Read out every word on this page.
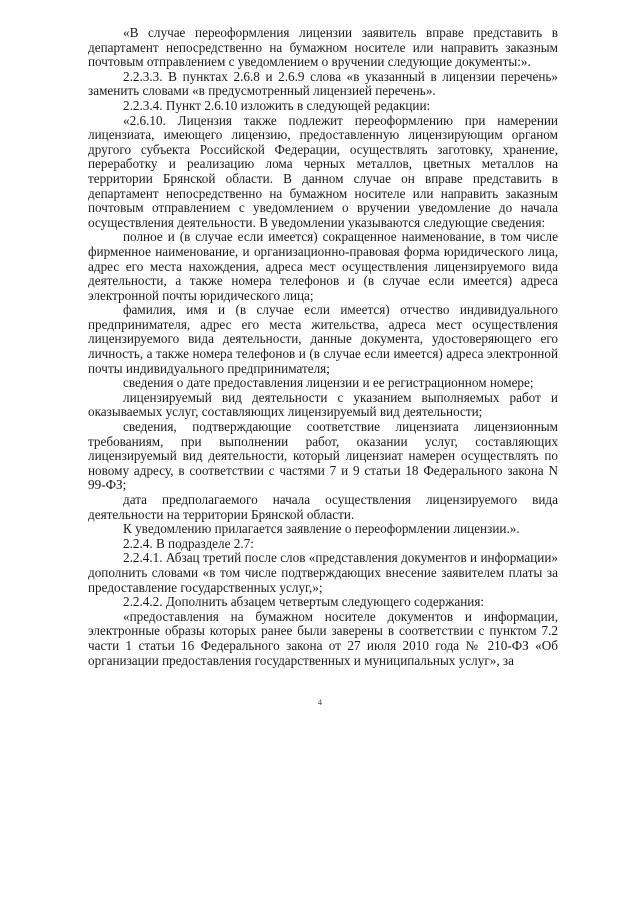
«В случае переоформления лицензии заявитель вправе представить в департамент непосредственно на бумажном носителе или направить заказным почтовым отправлением с уведомлением о вручении следующие документы:».

2.2.3.3. В пунктах 2.6.8 и 2.6.9 слова «в указанный в лицензии перечень» заменить словами «в предусмотренный лицензией перечень».

2.2.3.4. Пункт 2.6.10 изложить в следующей редакции:

«2.6.10. Лицензия также подлежит переоформлению при намерении лицензиата, имеющего лицензию, предоставленную лицензирующим органом другого субъекта Российской Федерации, осуществлять заготовку, хранение, переработку и реализацию лома черных металлов, цветных металлов на территории Брянской области. В данном случае он вправе представить в департамент непосредственно на бумажном носителе или направить заказным почтовым отправлением с уведомлением о вручении уведомление до начала осуществления деятельности. В уведомлении указываются следующие сведения:

полное и (в случае если имеется) сокращенное наименование, в том числе фирменное наименование, и организационно-правовая форма юридического лица, адрес его места нахождения, адреса мест осуществления лицензируемого вида деятельности, а также номера телефонов и (в случае если имеется) адреса электронной почты юридического лица;

фамилия, имя и (в случае если имеется) отчество индивидуального предпринимателя, адрес его места жительства, адреса мест осуществления лицензируемого вида деятельности, данные документа, удостоверяющего его личность, а также номера телефонов и (в случае если имеется) адреса электронной почты индивидуального предпринимателя;

сведения о дате предоставления лицензии и ее регистрационном номере;

лицензируемый вид деятельности с указанием выполняемых работ и оказываемых услуг, составляющих лицензируемый вид деятельности;

сведения, подтверждающие соответствие лицензиата лицензионным требованиям, при выполнении работ, оказании услуг, составляющих лицензируемый вид деятельности, который лицензиат намерен осуществлять по новому адресу, в соответствии с частями 7 и 9 статьи 18 Федерального закона N 99-ФЗ;

дата предполагаемого начала осуществления лицензируемого вида деятельности на территории Брянской области.

К уведомлению прилагается заявление о переоформлении лицензии.».

2.2.4. В подразделе 2.7:

2.2.4.1. Абзац третий после слов «представления документов и информации» дополнить словами «в том числе подтверждающих внесение заявителем платы за предоставление государственных услуг,»;

2.2.4.2. Дополнить абзацем четвертым следующего содержания:

«предоставления на бумажном носителе документов и информации, электронные образы которых ранее были заверены в соответствии с пунктом 7.2 части 1 статьи 16 Федерального закона от 27 июля 2010 года № 210-ФЗ «Об организации предоставления государственных и муниципальных услуг», за

4
